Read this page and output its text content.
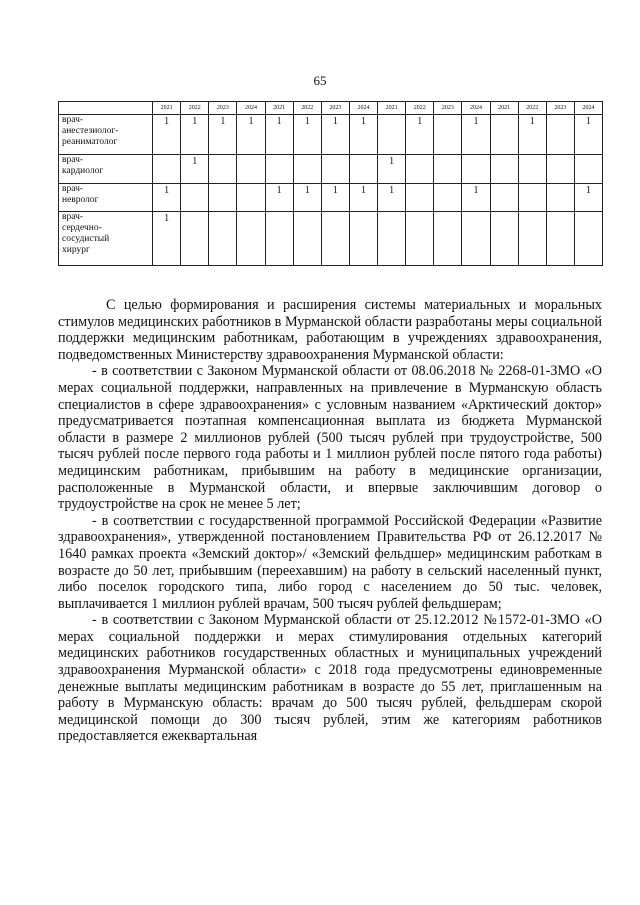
65
	2021	2022	2023	2024	2021	2022	2023	2024	2021	2022	2023	2024	2021	2022	2023	2024

врач-
анестезиолог-
реаниматолог	1	1	1	1	1	1	1	1		1		1		1		1

врач-
кардиолог		1							1							

врач-
невролог	1				1	1	1	1	1			1				1

врач-
сердечно-
сосудистый
хирург	1															

С целью формирования и расширения системы материальных и моральных стимулов медицинских работников в Мурманской области разработаны меры социальной поддержки медицинским работникам, работающим в учреждениях здравоохранения, подведомственных Министерству здравоохранения Мурманской области:

- в соответствии с Законом Мурманской области от 08.06.2018 № 2268-01-ЗМО «О мерах социальной поддержки, направленных на привлечение в Мурманскую область специалистов в сфере здравоохранения» с условным названием «Арктический доктор» предусматривается поэтапная компенсационная выплата из бюджета Мурманской области в размере 2 миллионов рублей (500 тысяч рублей при трудоустройстве, 500 тысяч рублей после первого года работы и 1 миллион рублей после пятого года работы) медицинским работникам, прибывшим на работу в медицинские организации, расположенные в Мурманской области, и впервые заключившим договор о трудоустройстве на срок не менее 5 лет;

- в соответствии с государственной программой Российской Федерации «Развитие здравоохранения», утвержденной постановлением Правительства РФ от 26.12.2017 № 1640 рамках проекта «Земский доктор»/ «Земский фельдшер» медицинским работкам в возрасте до 50 лет, прибывшим (переехавшим) на работу в сельский населенный пункт, либо поселок городского типа, либо город с населением до 50 тыс. человек, выплачивается 1 миллион рублей врачам, 500 тысяч рублей фельдшерам;

- в соответствии с Законом Мурманской области от 25.12.2012 №1572-01-ЗМО «О мерах социальной поддержки и мерах стимулирования отдельных категорий медицинских работников государственных областных и муниципальных учреждений здравоохранения Мурманской области» с 2018 года предусмотрены единовременные денежные выплаты медицинским работникам в возрасте до 55 лет, приглашенным на работу в Мурманскую область: врачам до 500 тысяч рублей, фельдшерам скорой медицинской помощи до 300 тысяч рублей, этим же категориям работников предоставляется ежеквартальная
